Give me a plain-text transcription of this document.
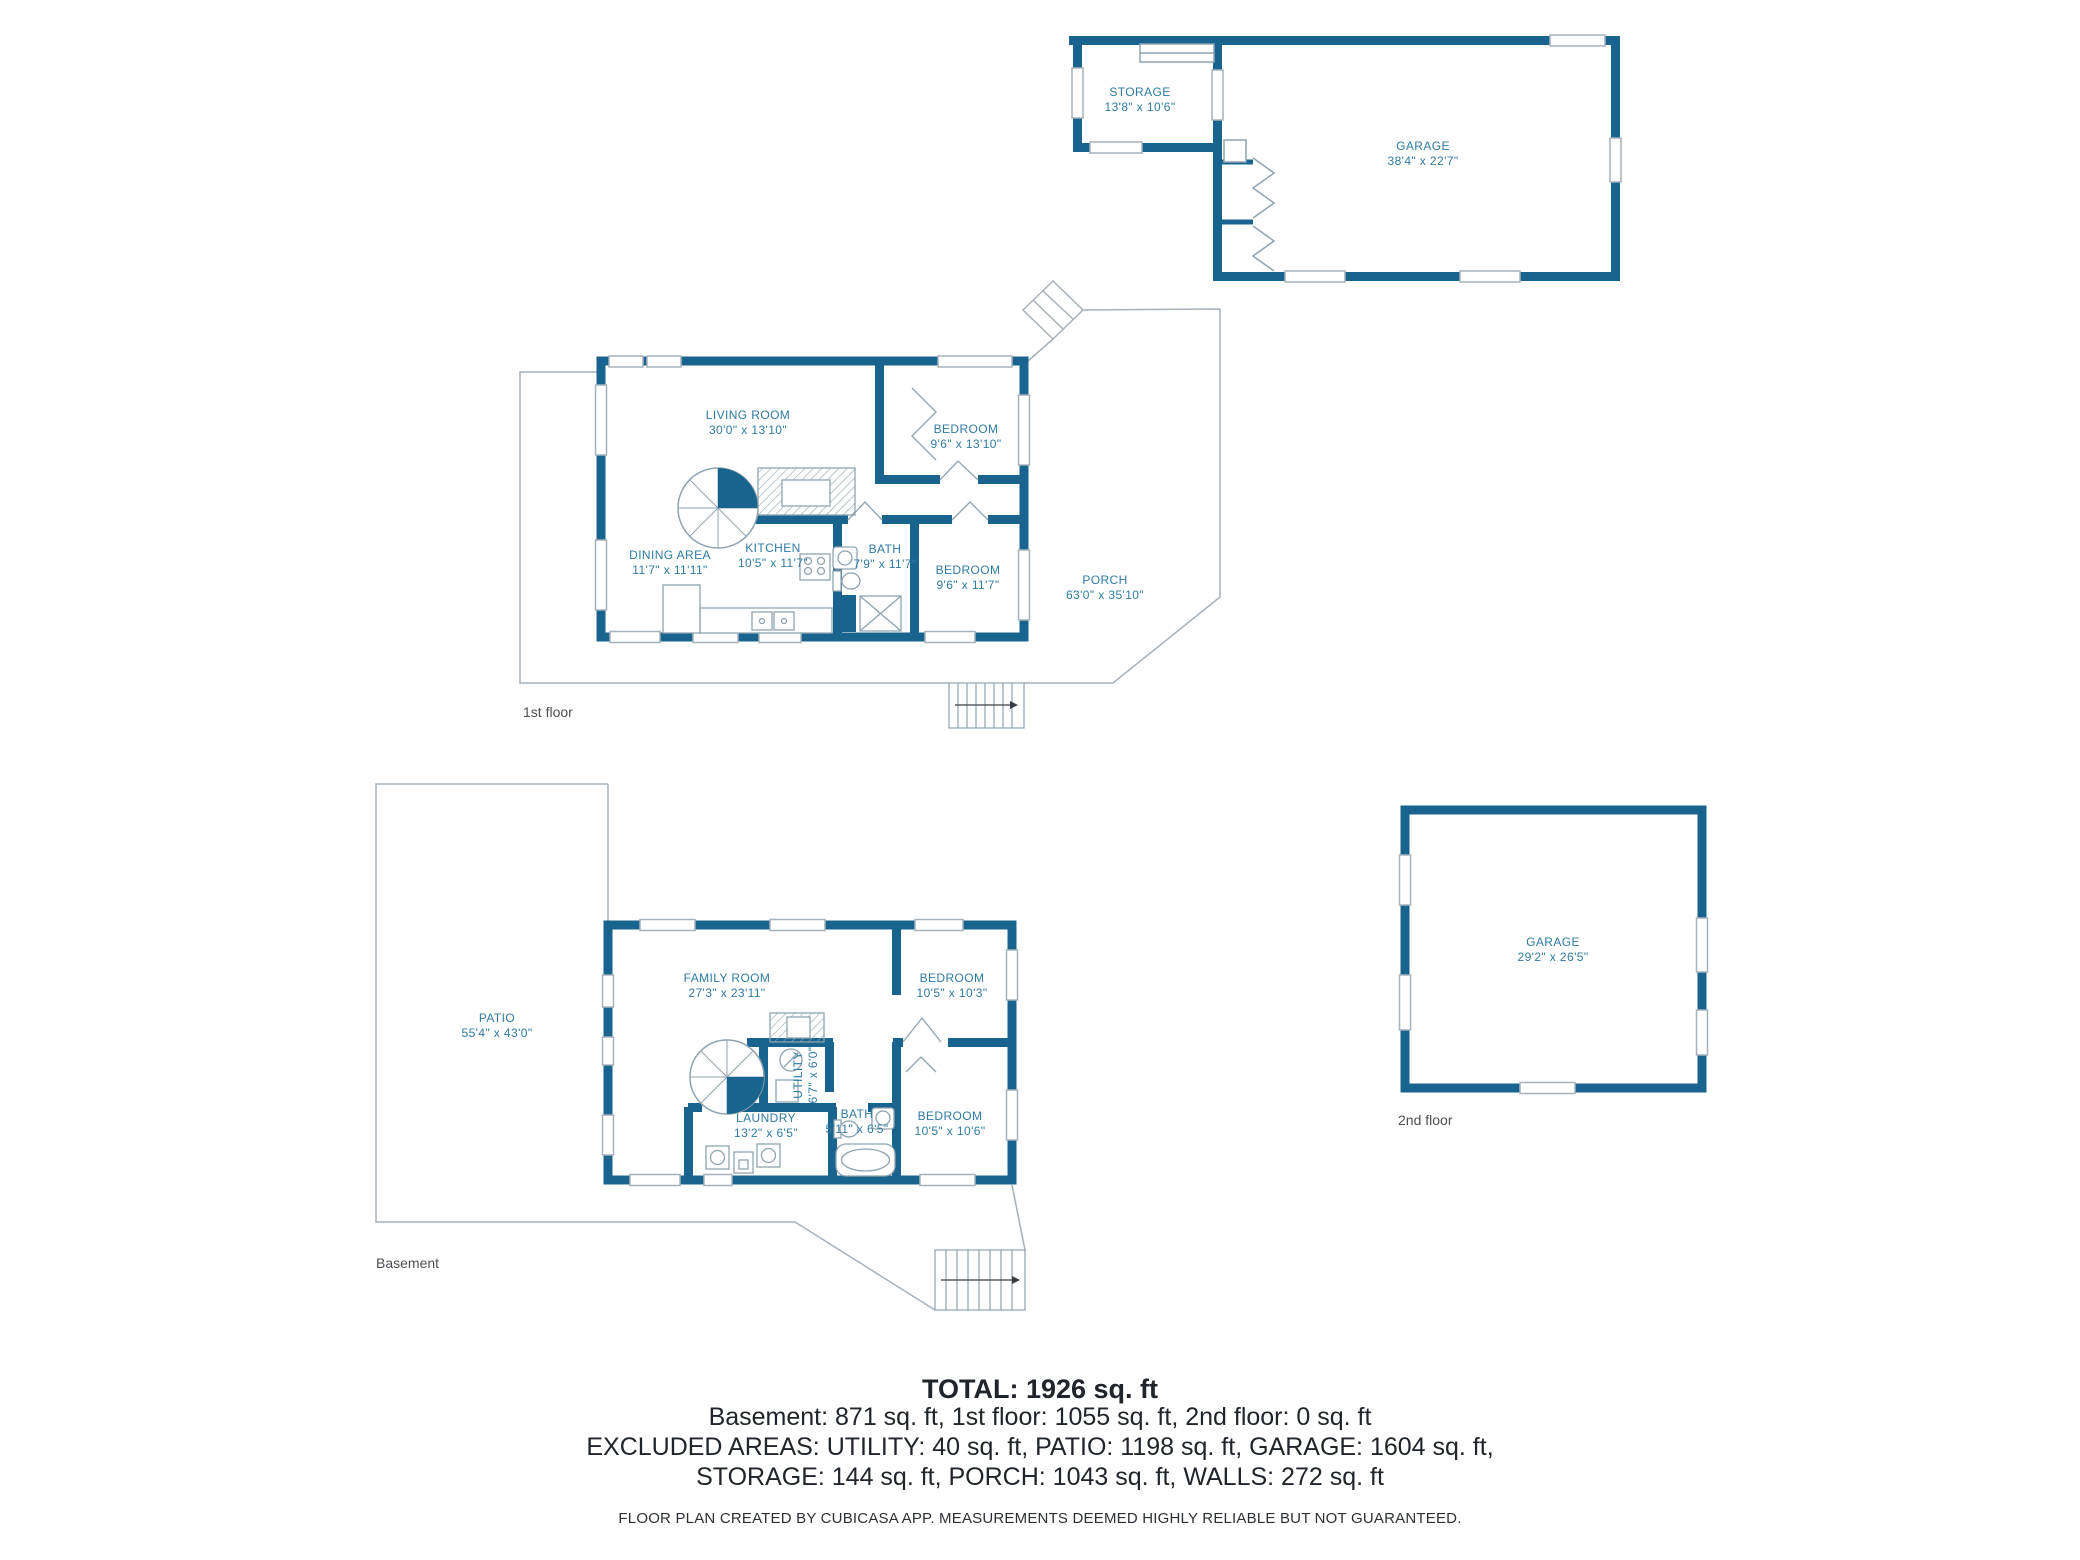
STORAGE
13'8" x 10'6"
GARAGE
38'4" x 22'7"
LIVING ROOM
30'0" x 13'10"	BEDROOM
9'6" x 13'10"
DINING AREA
11'7" x 11'11"
KITCHEN
10'5" x 11'7"
BATH
7'9" x 11'7" BEDROOM
9'6" x 11'7"	PORCH
63'0" x 35'10"
PATIO
55'4" x 43'0"
FAMILY ROOM
27'3" x 23'11"
BEDROOM
10'5" x 10'3"
UTILITY 6'7" x 6'0"
LAUNDRY
13'2" x 6'5"
BATH
5'11" x 6'5"
BEDROOM
10'5" x 10'6"
GARAGE
29'2" x 26'5"
1st floor
Basement
2nd floor
TOTAL: 1926 sq. ft
Basement: 871 sq. ft, 1st floor: 1055 sq. ft, 2nd floor: 0 sq. ft
EXCLUDED AREAS: UTILITY: 40 sq. ft, PATIO: 1198 sq. ft, GARAGE: 1604 sq. ft,
STORAGE: 144 sq. ft, PORCH: 1043 sq. ft, WALLS: 272 sq. ft
FLOOR PLAN CREATED BY CUBICASA APP. MEASUREMENTS DEEMED HIGHLY RELIABLE BUT NOT GUARANTEED.
